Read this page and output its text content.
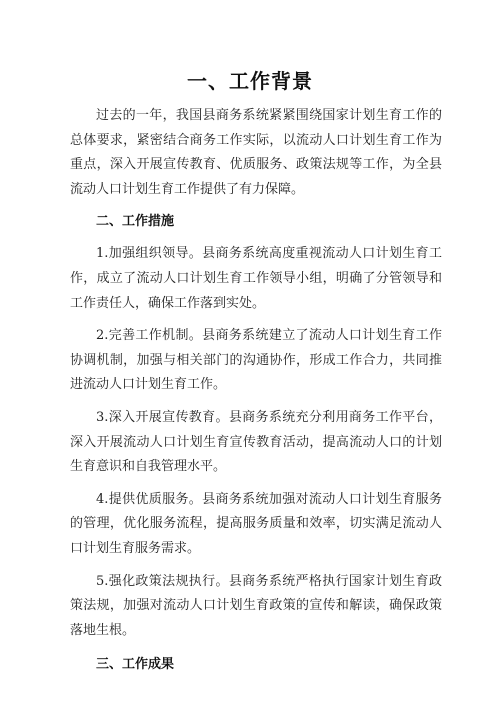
一、工作背景

过去的一年，我国县商务系统紧紧围绕国家计划生育工作的总体要求，紧密结合商务工作实际，以流动人口计划生育工作为重点，深入开展宣传教育、优质服务、政策法规等工作，为全县流动人口计划生育工作提供了有力保障。

二、工作措施

1.加强组织领导。县商务系统高度重视流动人口计划生育工作，成立了流动人口计划生育工作领导小组，明确了分管领导和工作责任人，确保工作落到实处。

2.完善工作机制。县商务系统建立了流动人口计划生育工作协调机制，加强与相关部门的沟通协作，形成工作合力，共同推进流动人口计划生育工作。

3.深入开展宣传教育。县商务系统充分利用商务工作平台，深入开展流动人口计划生育宣传教育活动，提高流动人口的计划生育意识和自我管理水平。

4.提供优质服务。县商务系统加强对流动人口计划生育服务的管理，优化服务流程，提高服务质量和效率，切实满足流动人口计划生育服务需求。

5.强化政策法规执行。县商务系统严格执行国家计划生育政策法规，加强对流动人口计划生育政策的宣传和解读，确保政策落地生根。

三、工作成果
